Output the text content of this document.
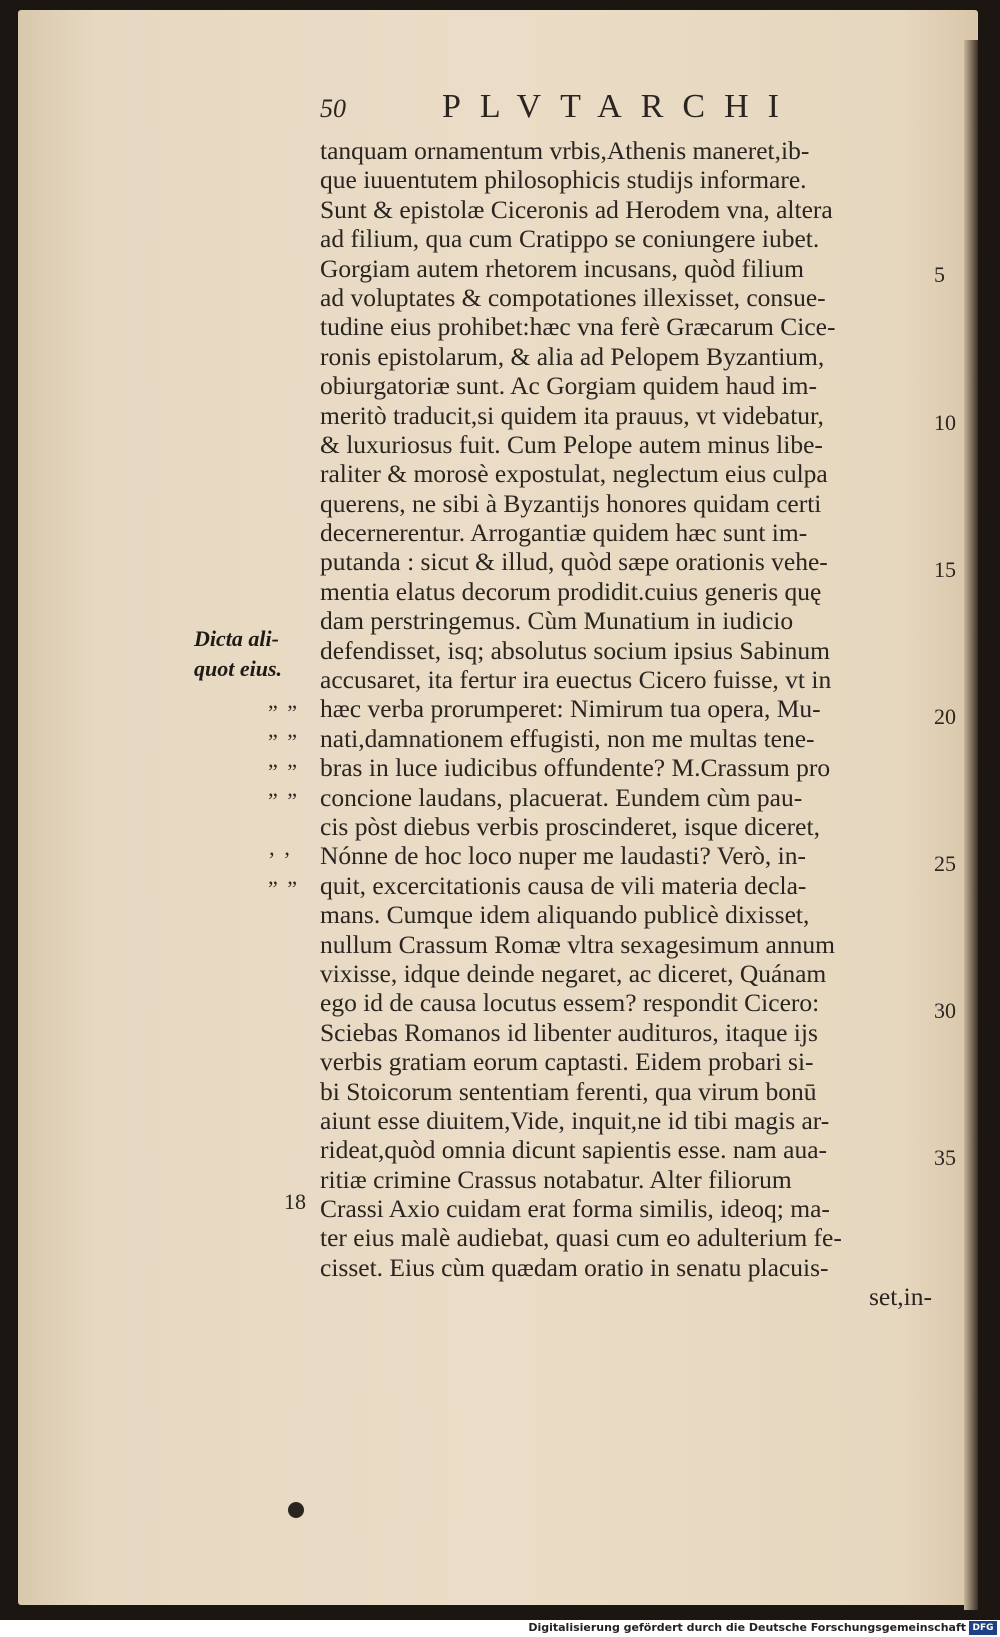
50	PLVTARCHI
tanquam ornamentum vrbis,Athenis maneret,ib-
que iuuentutem philosophicis studijs informare.
Sunt & epistolæ Ciceronis ad Herodem vna, altera
ad filium, qua cum Cratippo se coniungere iubet.
Gorgiam autem rhetorem incusans, quòd filium
ad voluptates & compotationes illexisset, consue-
tudine eius prohibet:hæc vna ferè Græcarum Cice-
ronis epistolarum, & alia ad Pelopem Byzantium,
obiurgatoriæ sunt. Ac Gorgiam quidem haud im-
meritò traducit,si quidem ita prauus, vt videbatur,
& luxuriosus fuit. Cum Pelope autem minus libe-
raliter & morosè expostulat, neglectum eius culpa
querens, ne sibi à Byzantijs honores quidam certi
decernerentur. Arrogantiæ quidem hæc sunt im-
putanda : sicut & illud, quòd sæpe orationis vehe-
mentia elatus decorum prodidit.cuius generis quę
dam perstringemus. Cùm Munatium in iudicio
defendisset, isq; absolutus socium ipsius Sabinum
accusaret, ita fertur ira euectus Cicero fuisse, vt in
hæc verba prorumperet: Nimirum tua opera, Mu-
nati,damnationem effugisti, non me multas tene-
bras in luce iudicibus offundente? M.Crassum pro
concione laudans, placuerat. Eundem cùm pau-
cis pòst diebus verbis proscinderet, isque diceret,
Nónne de hoc loco nuper me laudasti? Verò, in-
quit, excercitationis causa de vili materia decla-
mans. Cumque idem aliquando publicè dixisset,
nullum Crassum Romæ vltra sexagesimum annum
vixisse, idque deinde negaret, ac diceret, Quánam
ego id de causa locutus essem? respondit Cicero:
Sciebas Romanos id libenter audituros, itaque ijs
verbis gratiam eorum captasti. Eidem probari si-
bi Stoicorum sententiam ferenti, qua virum bonū
aiunt esse diuitem,Vide, inquit,ne id tibi magis ar-
rideat,quòd omnia dicunt sapientis esse. nam aua-
ritiæ crimine Crassus notabatur. Alter filiorum
Crassi Axio cuidam erat forma similis, ideoq; ma-
ter eius malè audiebat, quasi cum eo adulterium fe-
cisset. Eius cùm quædam oratio in senatu placuis-
set,in-
Dicta ali-quot eius.
” ”
” ”
” ”
” ”
’ ’
” ”
5
10
15
20
25
30
35
18
Digitalisierung gefördert durch die Deutsche Forschungsgemeinschaft DFG
